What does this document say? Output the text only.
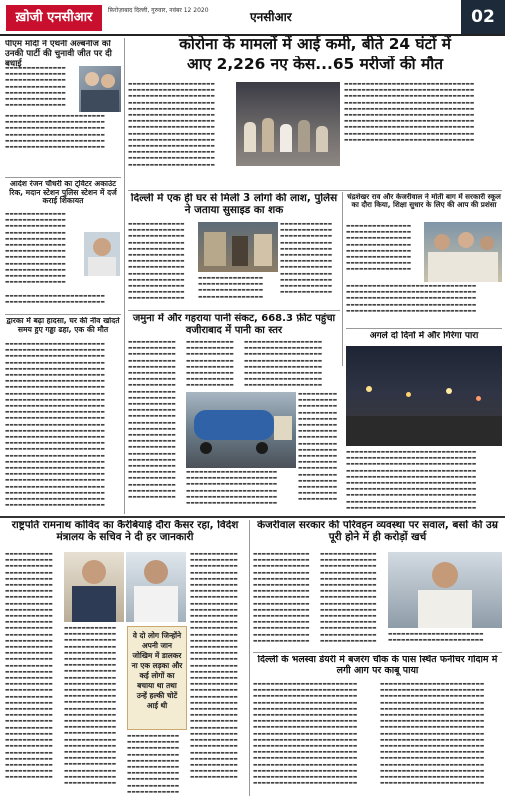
ख़ोजी एनसीआर	फ़िरोज़ाबाद दिल्ली, गुरुवार, नवंबर 12 2020	एनसीआर	02
पीएम मोदी ने एंथनी अल्बनीज को उनकी पार्टी की चुनावी जीत पर दी बधाई
▬▬▬▬▬▬▬▬▬▬▬▬▬▬ ▬▬▬▬▬▬▬▬▬▬▬▬▬▬ ▬▬▬▬▬▬▬▬▬▬▬▬▬▬ ▬▬▬▬▬▬▬▬▬▬▬▬▬▬ ▬▬▬▬▬▬▬▬▬▬▬▬▬▬ ▬▬▬▬▬▬▬▬▬▬▬▬▬▬ ▬▬▬▬▬▬▬▬▬▬▬▬▬▬
▬▬▬▬▬▬▬▬▬▬▬▬▬▬▬▬▬▬▬▬▬▬▬ ▬▬▬▬▬▬▬▬▬▬▬▬▬▬▬▬▬▬▬▬▬▬▬ ▬▬▬▬▬▬▬▬▬▬▬▬▬▬▬▬▬▬▬▬▬▬▬ ▬▬▬▬▬▬▬▬▬▬▬▬▬▬▬▬▬▬▬▬▬▬▬ ▬▬▬▬▬▬▬▬▬▬▬▬▬▬▬▬▬▬▬▬▬▬▬ ▬▬▬▬▬▬▬▬▬▬▬▬▬▬▬▬▬▬▬▬▬▬▬
आदेश रंजन चौधरी का ट्विटर अकाउंट रिक, मदान स्टेशन पुलिस स्टेशन में दर्ज कराई शिकायत
▬▬▬▬▬▬▬▬▬▬▬▬▬▬ ▬▬▬▬▬▬▬▬▬▬▬▬▬▬ ▬▬▬▬▬▬▬▬▬▬▬▬▬▬ ▬▬▬▬▬▬▬▬▬▬▬▬▬▬ ▬▬▬▬▬▬▬▬▬▬▬▬▬▬ ▬▬▬▬▬▬▬▬▬▬▬▬▬▬ ▬▬▬▬▬▬▬▬▬▬▬▬▬▬ ▬▬▬▬▬▬▬▬▬▬▬▬▬▬ ▬▬▬▬▬▬▬▬▬▬▬▬▬▬ ▬▬▬▬▬▬▬▬▬▬▬▬▬▬ ▬▬▬▬▬▬▬▬▬▬▬▬▬▬ ▬▬▬▬▬▬▬▬▬▬▬▬▬▬
▬▬▬▬▬▬▬▬▬▬▬▬▬▬▬▬▬▬▬▬▬▬▬ ▬▬▬▬▬▬▬▬▬▬▬▬▬▬▬▬▬▬▬▬▬▬▬
द्वारका में बढ़ा हादसा, घर की नींव खोदते समय हुए गड्ढा ढहा, एक की मौत
▬▬▬▬▬▬▬▬▬▬▬▬▬▬▬▬▬▬▬▬▬▬▬ ▬▬▬▬▬▬▬▬▬▬▬▬▬▬▬▬▬▬▬▬▬▬▬ ▬▬▬▬▬▬▬▬▬▬▬▬▬▬▬▬▬▬▬▬▬▬▬ ▬▬▬▬▬▬▬▬▬▬▬▬▬▬▬▬▬▬▬▬▬▬▬ ▬▬▬▬▬▬▬▬▬▬▬▬▬▬▬▬▬▬▬▬▬▬▬ ▬▬▬▬▬▬▬▬▬▬▬▬▬▬▬▬▬▬▬▬▬▬▬ ▬▬▬▬▬▬▬▬▬▬▬▬▬▬▬▬▬▬▬▬▬▬▬ ▬▬▬▬▬▬▬▬▬▬▬▬▬▬▬▬▬▬▬▬▬▬▬ ▬▬▬▬▬▬▬▬▬▬▬▬▬▬▬▬▬▬▬▬▬▬▬ ▬▬▬▬▬▬▬▬▬▬▬▬▬▬▬▬▬▬▬▬▬▬▬ ▬▬▬▬▬▬▬▬▬▬▬▬▬▬▬▬▬▬▬▬▬▬▬ ▬▬▬▬▬▬▬▬▬▬▬▬▬▬▬▬▬▬▬▬▬▬▬ ▬▬▬▬▬▬▬▬▬▬▬▬▬▬▬▬▬▬▬▬▬▬▬ ▬▬▬▬▬▬▬▬▬▬▬▬▬▬▬▬▬▬▬▬▬▬▬ ▬▬▬▬▬▬▬▬▬▬▬▬▬▬▬▬▬▬▬▬▬▬▬ ▬▬▬▬▬▬▬▬▬▬▬▬▬▬▬▬▬▬▬▬▬▬▬ ▬▬▬▬▬▬▬▬▬▬▬▬▬▬▬▬▬▬▬▬▬▬▬ ▬▬▬▬▬▬▬▬▬▬▬▬▬▬▬▬▬▬▬▬▬▬▬ ▬▬▬▬▬▬▬▬▬▬▬▬▬▬▬▬▬▬▬▬▬▬▬ ▬▬▬▬▬▬▬▬▬▬▬▬▬▬▬▬▬▬▬▬▬▬▬ ▬▬▬▬▬▬▬▬▬▬▬▬▬▬▬▬▬▬▬▬▬▬▬ ▬▬▬▬▬▬▬▬▬▬▬▬▬▬▬▬▬▬▬▬▬▬▬ ▬▬▬▬▬▬▬▬▬▬▬▬▬▬▬▬▬▬▬▬▬▬▬ ▬▬▬▬▬▬▬▬▬▬▬▬▬▬▬▬▬▬▬▬▬▬▬ ▬▬▬▬▬▬▬▬▬▬▬▬▬▬▬▬▬▬▬▬▬▬▬ ▬▬▬▬▬▬▬▬▬▬▬▬▬▬▬▬▬▬▬▬▬▬▬ ▬▬▬▬▬▬▬▬▬▬▬▬▬▬▬▬▬▬▬▬▬▬▬
कोरोना के मामलों में आई कमी, बीते 24 घंटों में
आए 2,226 नए केस...65 मरीजों की मौत
▬▬▬▬▬▬▬▬▬▬▬▬▬▬▬▬▬▬▬▬ ▬▬▬▬▬▬▬▬▬▬▬▬▬▬▬▬▬▬▬▬ ▬▬▬▬▬▬▬▬▬▬▬▬▬▬▬▬▬▬▬▬ ▬▬▬▬▬▬▬▬▬▬▬▬▬▬▬▬▬▬▬▬ ▬▬▬▬▬▬▬▬▬▬▬▬▬▬▬▬▬▬▬▬ ▬▬▬▬▬▬▬▬▬▬▬▬▬▬▬▬▬▬▬▬ ▬▬▬▬▬▬▬▬▬▬▬▬▬▬▬▬▬▬▬▬ ▬▬▬▬▬▬▬▬▬▬▬▬▬▬▬▬▬▬▬▬ ▬▬▬▬▬▬▬▬▬▬▬▬▬▬▬▬▬▬▬▬ ▬▬▬▬▬▬▬▬▬▬▬▬▬▬▬▬▬▬▬▬ ▬▬▬▬▬▬▬▬▬▬▬▬▬▬▬▬▬▬▬▬ ▬▬▬▬▬▬▬▬▬▬▬▬▬▬▬▬▬▬▬▬ ▬▬▬▬▬▬▬▬▬▬▬▬▬▬▬▬▬▬▬▬ ▬▬▬▬▬▬▬▬▬▬▬▬▬▬▬▬▬▬▬▬
▬▬▬▬▬▬▬▬▬▬▬▬▬▬▬▬▬▬▬▬▬▬▬▬▬▬▬▬▬▬ ▬▬▬▬▬▬▬▬▬▬▬▬▬▬▬▬▬▬▬▬▬▬▬▬▬▬▬▬▬▬ ▬▬▬▬▬▬▬▬▬▬▬▬▬▬▬▬▬▬▬▬▬▬▬▬▬▬▬▬▬▬ ▬▬▬▬▬▬▬▬▬▬▬▬▬▬▬▬▬▬▬▬▬▬▬▬▬▬▬▬▬▬ ▬▬▬▬▬▬▬▬▬▬▬▬▬▬▬▬▬▬▬▬▬▬▬▬▬▬▬▬▬▬ ▬▬▬▬▬▬▬▬▬▬▬▬▬▬▬▬▬▬▬▬▬▬▬▬▬▬▬▬▬▬ ▬▬▬▬▬▬▬▬▬▬▬▬▬▬▬▬▬▬▬▬▬▬▬▬▬▬▬▬▬▬ ▬▬▬▬▬▬▬▬▬▬▬▬▬▬▬▬▬▬▬▬▬▬▬▬▬▬▬▬▬▬ ▬▬▬▬▬▬▬▬▬▬▬▬▬▬▬▬▬▬▬▬▬▬▬▬▬▬▬▬▬▬ ▬▬▬▬▬▬▬▬▬▬▬▬▬▬▬▬▬▬▬▬▬▬▬▬▬▬▬▬▬▬
दिल्ली में एक ही घर से मिली 3 लोगों की लाश, पुलिस ने जताया सुसाइड का शक
▬▬▬▬▬▬▬▬▬▬▬▬▬ ▬▬▬▬▬▬▬▬▬▬▬▬▬ ▬▬▬▬▬▬▬▬▬▬▬▬▬ ▬▬▬▬▬▬▬▬▬▬▬▬▬ ▬▬▬▬▬▬▬▬▬▬▬▬▬ ▬▬▬▬▬▬▬▬▬▬▬▬▬ ▬▬▬▬▬▬▬▬▬▬▬▬▬ ▬▬▬▬▬▬▬▬▬▬▬▬▬ ▬▬▬▬▬▬▬▬▬▬▬▬▬ ▬▬▬▬▬▬▬▬▬▬▬▬▬ ▬▬▬▬▬▬▬▬▬▬▬▬▬ ▬▬▬▬▬▬▬▬▬▬▬▬▬ ▬▬▬▬▬▬▬▬▬▬▬▬▬
▬▬▬▬▬▬▬▬▬▬▬▬ ▬▬▬▬▬▬▬▬▬▬▬▬ ▬▬▬▬▬▬▬▬▬▬▬▬ ▬▬▬▬▬▬▬▬▬▬▬▬ ▬▬▬▬▬▬▬▬▬▬▬▬ ▬▬▬▬▬▬▬▬▬▬▬▬ ▬▬▬▬▬▬▬▬▬▬▬▬ ▬▬▬▬▬▬▬▬▬▬▬▬ ▬▬▬▬▬▬▬▬▬▬▬▬ ▬▬▬▬▬▬▬▬▬▬▬▬ ▬▬▬▬▬▬▬▬▬▬▬▬ ▬▬▬▬▬▬▬▬▬▬▬▬
▬▬▬▬▬▬▬▬▬▬▬▬▬▬▬ ▬▬▬▬▬▬▬▬▬▬▬▬▬▬▬ ▬▬▬▬▬▬▬▬▬▬▬▬▬▬▬ ▬▬▬▬▬▬▬▬▬▬▬▬▬▬▬
चंद्रशेखर राव और केजरीवाल ने मोती बाग में सरकारी स्कूल का दौरा किया, शिक्षा सुधार के लिए की आप की प्रशंसा
▬▬▬▬▬▬▬▬▬▬▬▬▬▬▬ ▬▬▬▬▬▬▬▬▬▬▬▬▬▬▬ ▬▬▬▬▬▬▬▬▬▬▬▬▬▬▬ ▬▬▬▬▬▬▬▬▬▬▬▬▬▬▬ ▬▬▬▬▬▬▬▬▬▬▬▬▬▬▬ ▬▬▬▬▬▬▬▬▬▬▬▬▬▬▬ ▬▬▬▬▬▬▬▬▬▬▬▬▬▬▬ ▬▬▬▬▬▬▬▬▬▬▬▬▬▬▬
▬▬▬▬▬▬▬▬▬▬▬▬▬▬▬▬▬▬▬▬▬▬▬▬▬▬▬▬▬▬ ▬▬▬▬▬▬▬▬▬▬▬▬▬▬▬▬▬▬▬▬▬▬▬▬▬▬▬▬▬▬ ▬▬▬▬▬▬▬▬▬▬▬▬▬▬▬▬▬▬▬▬▬▬▬▬▬▬▬▬▬▬ ▬▬▬▬▬▬▬▬▬▬▬▬▬▬▬▬▬▬▬▬▬▬▬▬▬▬▬▬▬▬ ▬▬▬▬▬▬▬▬▬▬▬▬▬▬▬▬▬▬▬▬▬▬▬▬▬▬▬▬▬▬
अगले दो दिनों में और गिरेगा पारा
▬▬▬▬▬▬▬▬▬▬▬▬▬▬▬▬▬▬▬▬▬▬▬▬▬▬▬▬▬▬ ▬▬▬▬▬▬▬▬▬▬▬▬▬▬▬▬▬▬▬▬▬▬▬▬▬▬▬▬▬▬ ▬▬▬▬▬▬▬▬▬▬▬▬▬▬▬▬▬▬▬▬▬▬▬▬▬▬▬▬▬▬ ▬▬▬▬▬▬▬▬▬▬▬▬▬▬▬▬▬▬▬▬▬▬▬▬▬▬▬▬▬▬ ▬▬▬▬▬▬▬▬▬▬▬▬▬▬▬▬▬▬▬▬▬▬▬▬▬▬▬▬▬▬ ▬▬▬▬▬▬▬▬▬▬▬▬▬▬▬▬▬▬▬▬▬▬▬▬▬▬▬▬▬▬ ▬▬▬▬▬▬▬▬▬▬▬▬▬▬▬▬▬▬▬▬▬▬▬▬▬▬▬▬▬▬ ▬▬▬▬▬▬▬▬▬▬▬▬▬▬▬▬▬▬▬▬▬▬▬▬▬▬▬▬▬▬ ▬▬▬▬▬▬▬▬▬▬▬▬▬▬▬▬▬▬▬▬▬▬▬▬▬▬▬▬▬▬ ▬▬▬▬▬▬▬▬▬▬▬▬▬▬▬▬▬▬▬▬▬▬▬▬▬▬▬▬▬▬
जमुना में और गहराया पानी संकट, 668.3 फ़ीट पहुंचा वजीराबाद में पानी का स्तर
▬▬▬▬▬▬▬▬▬▬▬ ▬▬▬▬▬▬▬▬▬▬▬ ▬▬▬▬▬▬▬▬▬▬▬ ▬▬▬▬▬▬▬▬▬▬▬ ▬▬▬▬▬▬▬▬▬▬▬ ▬▬▬▬▬▬▬▬▬▬▬ ▬▬▬▬▬▬▬▬▬▬▬ ▬▬▬▬▬▬▬▬▬▬▬ ▬▬▬▬▬▬▬▬▬▬▬ ▬▬▬▬▬▬▬▬▬▬▬ ▬▬▬▬▬▬▬▬▬▬▬ ▬▬▬▬▬▬▬▬▬▬▬ ▬▬▬▬▬▬▬▬▬▬▬ ▬▬▬▬▬▬▬▬▬▬▬ ▬▬▬▬▬▬▬▬▬▬▬ ▬▬▬▬▬▬▬▬▬▬▬ ▬▬▬▬▬▬▬▬▬▬▬ ▬▬▬▬▬▬▬▬▬▬▬ ▬▬▬▬▬▬▬▬▬▬▬ ▬▬▬▬▬▬▬▬▬▬▬ ▬▬▬▬▬▬▬▬▬▬▬ ▬▬▬▬▬▬▬▬▬▬▬ ▬▬▬▬▬▬▬▬▬▬▬ ▬▬▬▬▬▬▬▬▬▬▬ ▬▬▬▬▬▬▬▬▬▬▬ ▬▬▬▬▬▬▬▬▬▬▬
▬▬▬▬▬▬▬▬▬▬▬ ▬▬▬▬▬▬▬▬▬▬▬ ▬▬▬▬▬▬▬▬▬▬▬ ▬▬▬▬▬▬▬▬▬▬▬ ▬▬▬▬▬▬▬▬▬▬▬ ▬▬▬▬▬▬▬▬▬▬▬ ▬▬▬▬▬▬▬▬▬▬▬ ▬▬▬▬▬▬▬▬▬▬▬
▬▬▬▬▬▬▬▬▬▬▬▬▬▬▬▬▬▬ ▬▬▬▬▬▬▬▬▬▬▬▬▬▬▬▬▬▬ ▬▬▬▬▬▬▬▬▬▬▬▬▬▬▬▬▬▬ ▬▬▬▬▬▬▬▬▬▬▬▬▬▬▬▬▬▬ ▬▬▬▬▬▬▬▬▬▬▬▬▬▬▬▬▬▬ ▬▬▬▬▬▬▬▬▬▬▬▬▬▬▬▬▬▬ ▬▬▬▬▬▬▬▬▬▬▬▬▬▬▬▬▬▬ ▬▬▬▬▬▬▬▬▬▬▬▬▬▬▬▬▬▬
▬▬▬▬▬▬▬▬▬▬▬▬▬▬▬▬▬▬▬▬▬ ▬▬▬▬▬▬▬▬▬▬▬▬▬▬▬▬▬▬▬▬▬ ▬▬▬▬▬▬▬▬▬▬▬▬▬▬▬▬▬▬▬▬▬ ▬▬▬▬▬▬▬▬▬▬▬▬▬▬▬▬▬▬▬▬▬ ▬▬▬▬▬▬▬▬▬▬▬▬▬▬▬▬▬▬▬▬▬ ▬▬▬▬▬▬▬▬▬▬▬▬▬▬▬▬▬▬▬▬▬
▬▬▬▬▬▬▬▬▬ ▬▬▬▬▬▬▬▬▬ ▬▬▬▬▬▬▬▬▬ ▬▬▬▬▬▬▬▬▬ ▬▬▬▬▬▬▬▬▬ ▬▬▬▬▬▬▬▬▬ ▬▬▬▬▬▬▬▬▬ ▬▬▬▬▬▬▬▬▬ ▬▬▬▬▬▬▬▬▬ ▬▬▬▬▬▬▬▬▬ ▬▬▬▬▬▬▬▬▬ ▬▬▬▬▬▬▬▬▬ ▬▬▬▬▬▬▬▬▬ ▬▬▬▬▬▬▬▬▬ ▬▬▬▬▬▬▬▬▬ ▬▬▬▬▬▬▬▬▬ ▬▬▬▬▬▬▬▬▬ ▬▬▬▬▬▬▬▬▬
राष्ट्रपति रामनाथ कोविंद का कैरेबियाई दौरा कैंसर रहा, विदेश मंत्रालय के सचिव ने दी हर जानकारी
▬▬▬▬▬▬▬▬▬▬▬ ▬▬▬▬▬▬▬▬▬▬▬ ▬▬▬▬▬▬▬▬▬▬▬ ▬▬▬▬▬▬▬▬▬▬▬ ▬▬▬▬▬▬▬▬▬▬▬ ▬▬▬▬▬▬▬▬▬▬▬ ▬▬▬▬▬▬▬▬▬▬▬ ▬▬▬▬▬▬▬▬▬▬▬ ▬▬▬▬▬▬▬▬▬▬▬ ▬▬▬▬▬▬▬▬▬▬▬ ▬▬▬▬▬▬▬▬▬▬▬ ▬▬▬▬▬▬▬▬▬▬▬ ▬▬▬▬▬▬▬▬▬▬▬ ▬▬▬▬▬▬▬▬▬▬▬ ▬▬▬▬▬▬▬▬▬▬▬ ▬▬▬▬▬▬▬▬▬▬▬ ▬▬▬▬▬▬▬▬▬▬▬ ▬▬▬▬▬▬▬▬▬▬▬ ▬▬▬▬▬▬▬▬▬▬▬ ▬▬▬▬▬▬▬▬▬▬▬ ▬▬▬▬▬▬▬▬▬▬▬ ▬▬▬▬▬▬▬▬▬▬▬ ▬▬▬▬▬▬▬▬▬▬▬ ▬▬▬▬▬▬▬▬▬▬▬ ▬▬▬▬▬▬▬▬▬▬▬ ▬▬▬▬▬▬▬▬▬▬▬ ▬▬▬▬▬▬▬▬▬▬▬ ▬▬▬▬▬▬▬▬▬▬▬ ▬▬▬▬▬▬▬▬▬▬▬ ▬▬▬▬▬▬▬▬▬▬▬ ▬▬▬▬▬▬▬▬▬▬▬ ▬▬▬▬▬▬▬▬▬▬▬ ▬▬▬▬▬▬▬▬▬▬▬ ▬▬▬▬▬▬▬▬▬▬▬ ▬▬▬▬▬▬▬▬▬▬▬ ▬▬▬▬▬▬▬▬▬▬▬ ▬▬▬▬▬▬▬▬▬▬▬
▬▬▬▬▬▬▬▬▬▬▬▬ ▬▬▬▬▬▬▬▬▬▬▬▬ ▬▬▬▬▬▬▬▬▬▬▬▬ ▬▬▬▬▬▬▬▬▬▬▬▬ ▬▬▬▬▬▬▬▬▬▬▬▬ ▬▬▬▬▬▬▬▬▬▬▬▬ ▬▬▬▬▬▬▬▬▬▬▬▬ ▬▬▬▬▬▬▬▬▬▬▬▬ ▬▬▬▬▬▬▬▬▬▬▬▬ ▬▬▬▬▬▬▬▬▬▬▬▬ ▬▬▬▬▬▬▬▬▬▬▬▬ ▬▬▬▬▬▬▬▬▬▬▬▬ ▬▬▬▬▬▬▬▬▬▬▬▬ ▬▬▬▬▬▬▬▬▬▬▬▬ ▬▬▬▬▬▬▬▬▬▬▬▬ ▬▬▬▬▬▬▬▬▬▬▬▬ ▬▬▬▬▬▬▬▬▬▬▬▬ ▬▬▬▬▬▬▬▬▬▬▬▬ ▬▬▬▬▬▬▬▬▬▬▬▬ ▬▬▬▬▬▬▬▬▬▬▬▬ ▬▬▬▬▬▬▬▬▬▬▬▬ ▬▬▬▬▬▬▬▬▬▬▬▬ ▬▬▬▬▬▬▬▬▬▬▬▬ ▬▬▬▬▬▬▬▬▬▬▬▬ ▬▬▬▬▬▬▬▬▬▬▬▬ ▬▬▬▬▬▬▬▬▬▬▬▬
वे दो लोग जिन्होंने अपनी जान जोखिम में डालकर ना एक लड़का और कई लोगों का बचाया था तथा उन्हें हल्की चोटें आई थी
▬▬▬▬▬▬▬▬▬▬▬▬ ▬▬▬▬▬▬▬▬▬▬▬▬ ▬▬▬▬▬▬▬▬▬▬▬▬ ▬▬▬▬▬▬▬▬▬▬▬▬ ▬▬▬▬▬▬▬▬▬▬▬▬ ▬▬▬▬▬▬▬▬▬▬▬▬ ▬▬▬▬▬▬▬▬▬▬▬▬ ▬▬▬▬▬▬▬▬▬▬▬▬ ▬▬▬▬▬▬▬▬▬▬▬▬ ▬▬▬▬▬▬▬▬▬▬▬▬
▬▬▬▬▬▬▬▬▬▬▬ ▬▬▬▬▬▬▬▬▬▬▬ ▬▬▬▬▬▬▬▬▬▬▬ ▬▬▬▬▬▬▬▬▬▬▬ ▬▬▬▬▬▬▬▬▬▬▬ ▬▬▬▬▬▬▬▬▬▬▬ ▬▬▬▬▬▬▬▬▬▬▬ ▬▬▬▬▬▬▬▬▬▬▬ ▬▬▬▬▬▬▬▬▬▬▬ ▬▬▬▬▬▬▬▬▬▬▬ ▬▬▬▬▬▬▬▬▬▬▬ ▬▬▬▬▬▬▬▬▬▬▬ ▬▬▬▬▬▬▬▬▬▬▬ ▬▬▬▬▬▬▬▬▬▬▬ ▬▬▬▬▬▬▬▬▬▬▬ ▬▬▬▬▬▬▬▬▬▬▬ ▬▬▬▬▬▬▬▬▬▬▬ ▬▬▬▬▬▬▬▬▬▬▬ ▬▬▬▬▬▬▬▬▬▬▬ ▬▬▬▬▬▬▬▬▬▬▬ ▬▬▬▬▬▬▬▬▬▬▬ ▬▬▬▬▬▬▬▬▬▬▬ ▬▬▬▬▬▬▬▬▬▬▬ ▬▬▬▬▬▬▬▬▬▬▬ ▬▬▬▬▬▬▬▬▬▬▬ ▬▬▬▬▬▬▬▬▬▬▬ ▬▬▬▬▬▬▬▬▬▬▬ ▬▬▬▬▬▬▬▬▬▬▬ ▬▬▬▬▬▬▬▬▬▬▬ ▬▬▬▬▬▬▬▬▬▬▬ ▬▬▬▬▬▬▬▬▬▬▬ ▬▬▬▬▬▬▬▬▬▬▬ ▬▬▬▬▬▬▬▬▬▬▬ ▬▬▬▬▬▬▬▬▬▬▬ ▬▬▬▬▬▬▬▬▬▬▬ ▬▬▬▬▬▬▬▬▬▬▬ ▬▬▬▬▬▬▬▬▬▬▬
केजरीवाल सरकार की परिवहन व्यवस्था पर सवाल, बसों की उम्र पूरी होने में ही करोड़ों खर्च
▬▬▬▬▬▬▬▬▬▬▬▬▬ ▬▬▬▬▬▬▬▬▬▬▬▬▬ ▬▬▬▬▬▬▬▬▬▬▬▬▬ ▬▬▬▬▬▬▬▬▬▬▬▬▬ ▬▬▬▬▬▬▬▬▬▬▬▬▬ ▬▬▬▬▬▬▬▬▬▬▬▬▬ ▬▬▬▬▬▬▬▬▬▬▬▬▬ ▬▬▬▬▬▬▬▬▬▬▬▬▬ ▬▬▬▬▬▬▬▬▬▬▬▬▬ ▬▬▬▬▬▬▬▬▬▬▬▬▬ ▬▬▬▬▬▬▬▬▬▬▬▬▬ ▬▬▬▬▬▬▬▬▬▬▬▬▬ ▬▬▬▬▬▬▬▬▬▬▬▬▬ ▬▬▬▬▬▬▬▬▬▬▬▬▬ ▬▬▬▬▬▬▬▬▬▬▬▬▬
▬▬▬▬▬▬▬▬▬▬▬▬▬ ▬▬▬▬▬▬▬▬▬▬▬▬▬ ▬▬▬▬▬▬▬▬▬▬▬▬▬ ▬▬▬▬▬▬▬▬▬▬▬▬▬ ▬▬▬▬▬▬▬▬▬▬▬▬▬ ▬▬▬▬▬▬▬▬▬▬▬▬▬ ▬▬▬▬▬▬▬▬▬▬▬▬▬ ▬▬▬▬▬▬▬▬▬▬▬▬▬ ▬▬▬▬▬▬▬▬▬▬▬▬▬ ▬▬▬▬▬▬▬▬▬▬▬▬▬ ▬▬▬▬▬▬▬▬▬▬▬▬▬ ▬▬▬▬▬▬▬▬▬▬▬▬▬ ▬▬▬▬▬▬▬▬▬▬▬▬▬ ▬▬▬▬▬▬▬▬▬▬▬▬▬ ▬▬▬▬▬▬▬▬▬▬▬▬▬
▬▬▬▬▬▬▬▬▬▬▬▬▬▬▬▬▬▬▬▬▬▬ ▬▬▬▬▬▬▬▬▬▬▬▬▬▬▬▬▬▬▬▬▬▬
दिल्ली के भलस्वा डेयरी में बजरंग चौक के पास स्थित फर्नीचर गोदाम में लगी आग पर काबू पाया
▬▬▬▬▬▬▬▬▬▬▬▬▬▬▬▬▬▬▬▬▬▬▬▬ ▬▬▬▬▬▬▬▬▬▬▬▬▬▬▬▬▬▬▬▬▬▬▬▬ ▬▬▬▬▬▬▬▬▬▬▬▬▬▬▬▬▬▬▬▬▬▬▬▬ ▬▬▬▬▬▬▬▬▬▬▬▬▬▬▬▬▬▬▬▬▬▬▬▬ ▬▬▬▬▬▬▬▬▬▬▬▬▬▬▬▬▬▬▬▬▬▬▬▬ ▬▬▬▬▬▬▬▬▬▬▬▬▬▬▬▬▬▬▬▬▬▬▬▬ ▬▬▬▬▬▬▬▬▬▬▬▬▬▬▬▬▬▬▬▬▬▬▬▬ ▬▬▬▬▬▬▬▬▬▬▬▬▬▬▬▬▬▬▬▬▬▬▬▬ ▬▬▬▬▬▬▬▬▬▬▬▬▬▬▬▬▬▬▬▬▬▬▬▬ ▬▬▬▬▬▬▬▬▬▬▬▬▬▬▬▬▬▬▬▬▬▬▬▬ ▬▬▬▬▬▬▬▬▬▬▬▬▬▬▬▬▬▬▬▬▬▬▬▬ ▬▬▬▬▬▬▬▬▬▬▬▬▬▬▬▬▬▬▬▬▬▬▬▬ ▬▬▬▬▬▬▬▬▬▬▬▬▬▬▬▬▬▬▬▬▬▬▬▬ ▬▬▬▬▬▬▬▬▬▬▬▬▬▬▬▬▬▬▬▬▬▬▬▬ ▬▬▬▬▬▬▬▬▬▬▬▬▬▬▬▬▬▬▬▬▬▬▬▬ ▬▬▬▬▬▬▬▬▬▬▬▬▬▬▬▬▬▬▬▬▬▬▬▬ ▬▬▬▬▬▬▬▬▬▬▬▬▬▬▬▬▬▬▬▬▬▬▬▬
▬▬▬▬▬▬▬▬▬▬▬▬▬▬▬▬▬▬▬▬▬▬▬▬ ▬▬▬▬▬▬▬▬▬▬▬▬▬▬▬▬▬▬▬▬▬▬▬▬ ▬▬▬▬▬▬▬▬▬▬▬▬▬▬▬▬▬▬▬▬▬▬▬▬ ▬▬▬▬▬▬▬▬▬▬▬▬▬▬▬▬▬▬▬▬▬▬▬▬ ▬▬▬▬▬▬▬▬▬▬▬▬▬▬▬▬▬▬▬▬▬▬▬▬ ▬▬▬▬▬▬▬▬▬▬▬▬▬▬▬▬▬▬▬▬▬▬▬▬ ▬▬▬▬▬▬▬▬▬▬▬▬▬▬▬▬▬▬▬▬▬▬▬▬ ▬▬▬▬▬▬▬▬▬▬▬▬▬▬▬▬▬▬▬▬▬▬▬▬ ▬▬▬▬▬▬▬▬▬▬▬▬▬▬▬▬▬▬▬▬▬▬▬▬ ▬▬▬▬▬▬▬▬▬▬▬▬▬▬▬▬▬▬▬▬▬▬▬▬ ▬▬▬▬▬▬▬▬▬▬▬▬▬▬▬▬▬▬▬▬▬▬▬▬ ▬▬▬▬▬▬▬▬▬▬▬▬▬▬▬▬▬▬▬▬▬▬▬▬ ▬▬▬▬▬▬▬▬▬▬▬▬▬▬▬▬▬▬▬▬▬▬▬▬ ▬▬▬▬▬▬▬▬▬▬▬▬▬▬▬▬▬▬▬▬▬▬▬▬ ▬▬▬▬▬▬▬▬▬▬▬▬▬▬▬▬▬▬▬▬▬▬▬▬ ▬▬▬▬▬▬▬▬▬▬▬▬▬▬▬▬▬▬▬▬▬▬▬▬ ▬▬▬▬▬▬▬▬▬▬▬▬▬▬▬▬▬▬▬▬▬▬▬▬
